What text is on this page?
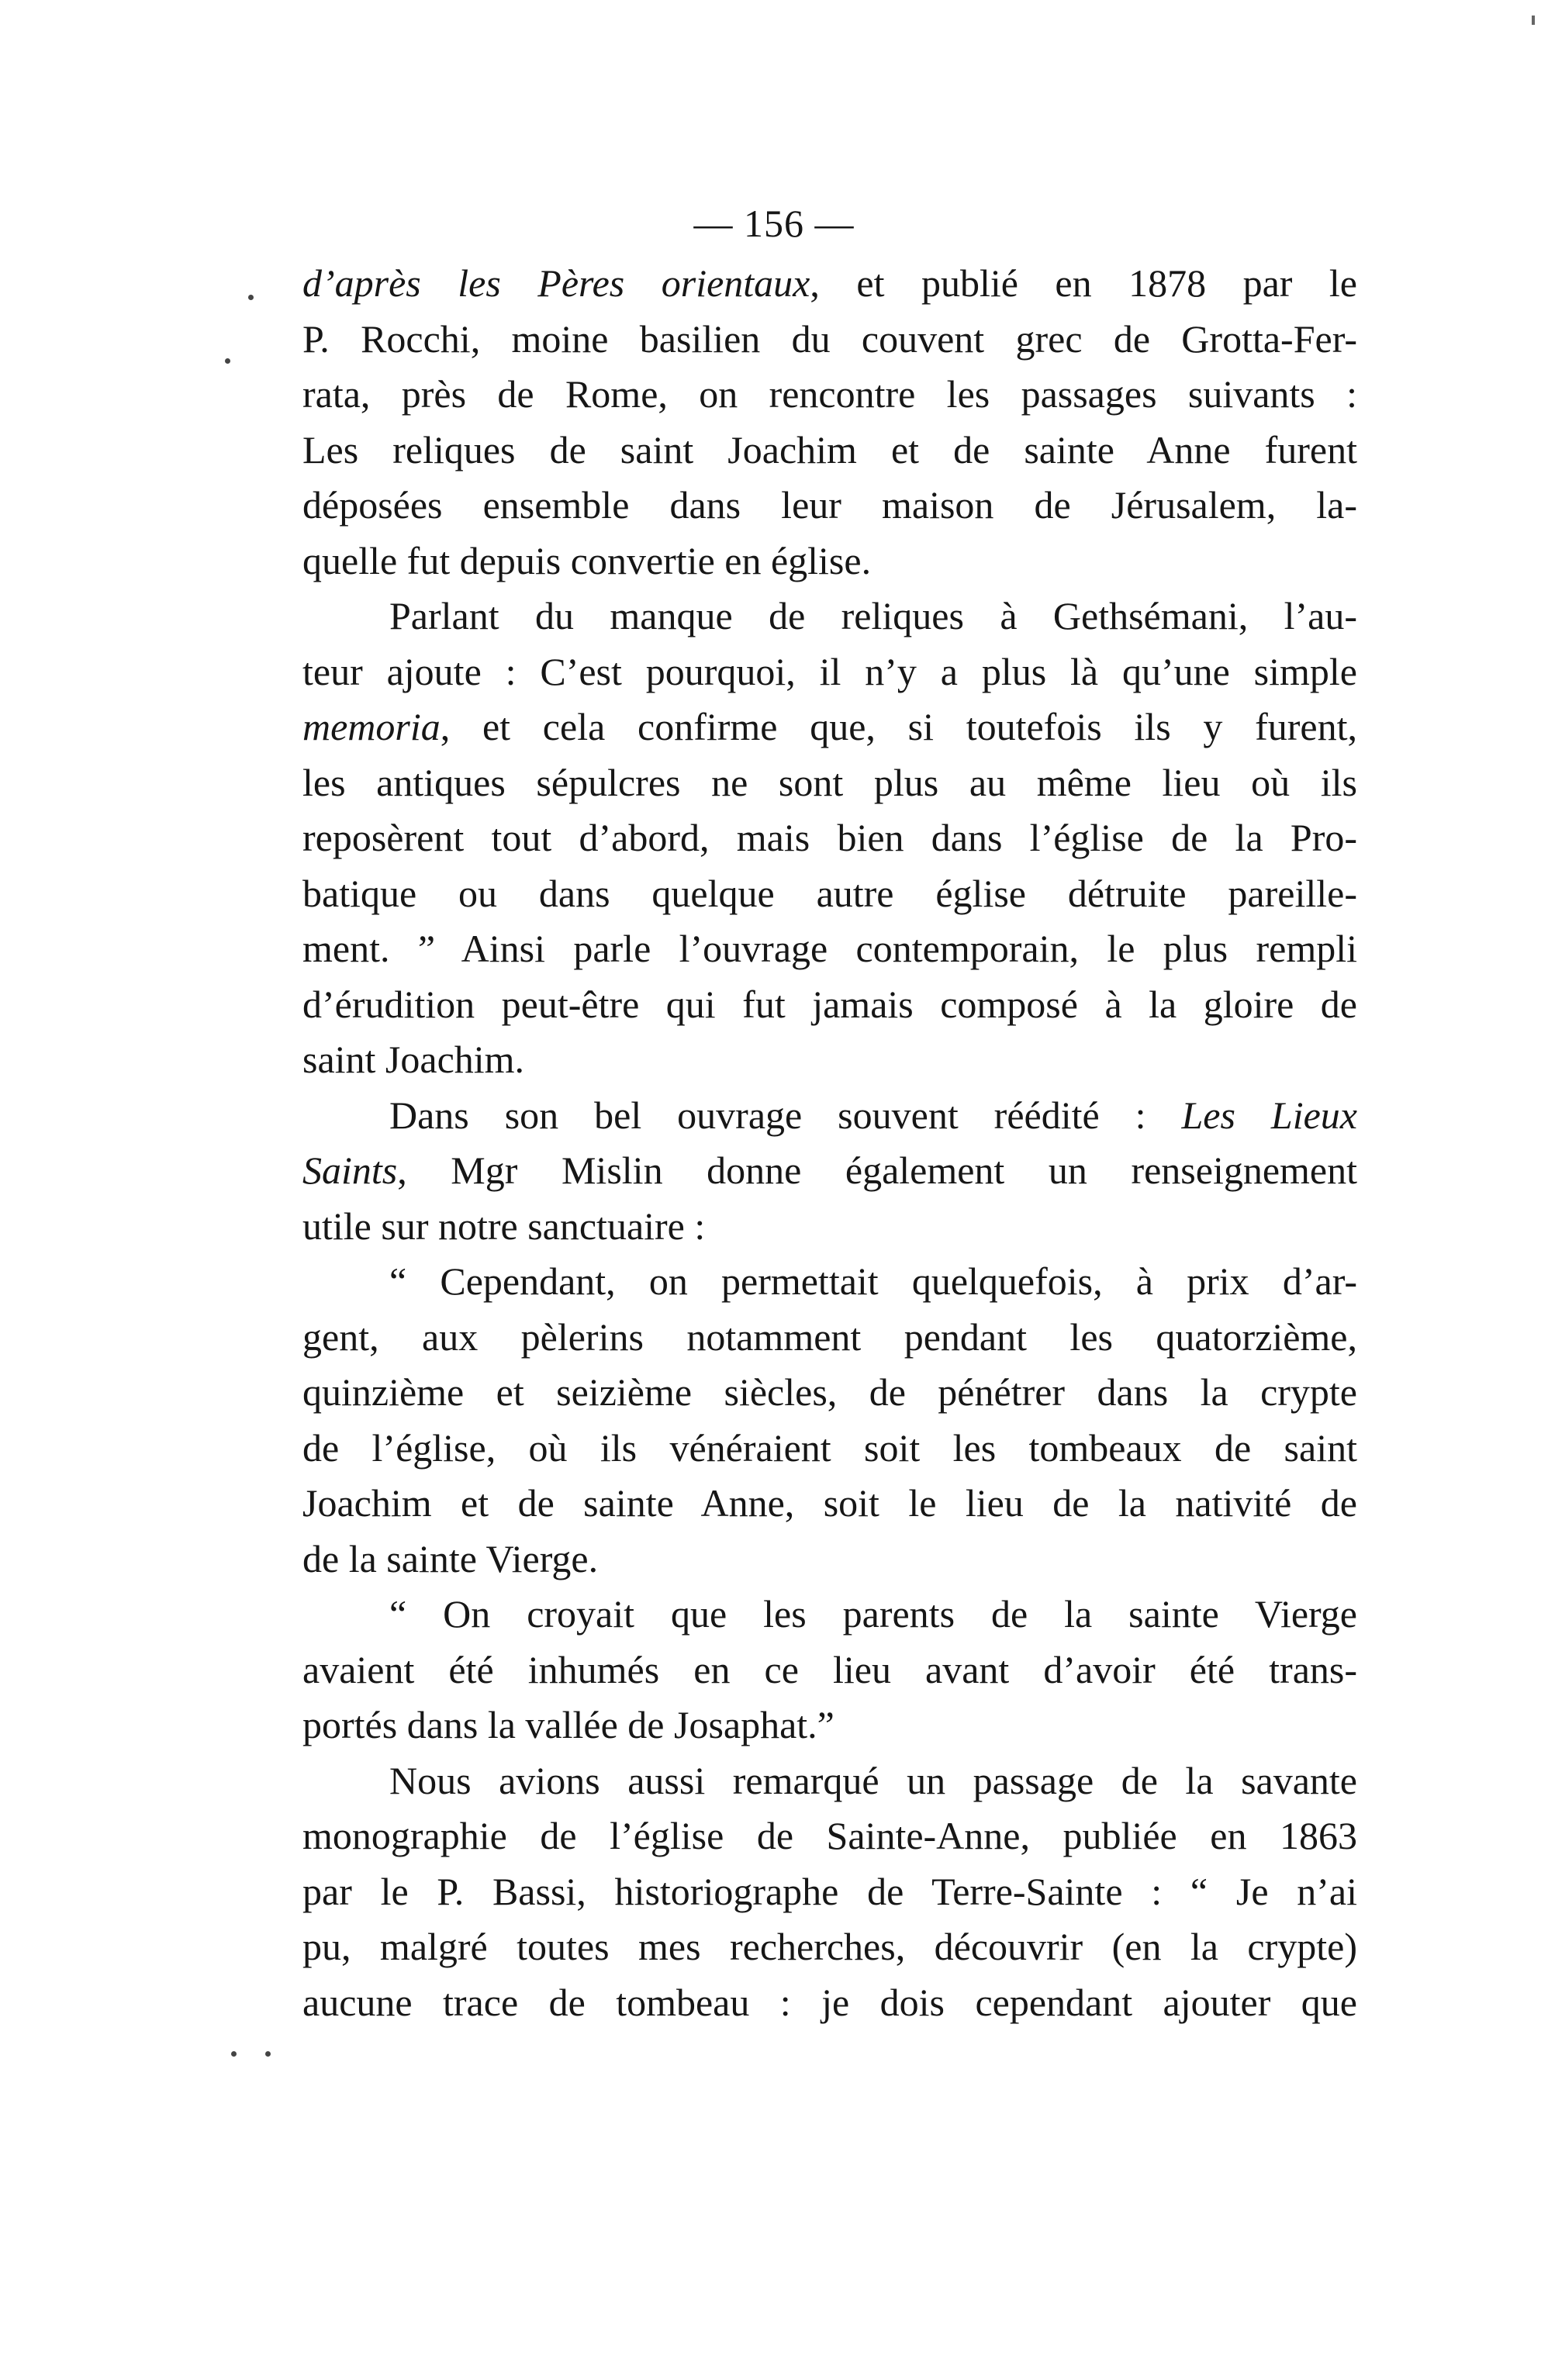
— 156 —
d’après les Pères orientaux, et publié en 1878 par le
P. Rocchi, moine basilien du couvent grec de Grotta-Fer-
rata, près de Rome, on rencontre les passages suivants :
Les reliques de saint Joachim et de sainte Anne furent
déposées ensemble dans leur maison de Jérusalem, la-
quelle fut depuis convertie en église.
Parlant du manque de reliques à Gethsémani, l’au-
teur ajoute : C’est pourquoi, il n’y a plus là qu’une simple
memoria, et cela confirme que, si toutefois ils y furent,
les antiques sépulcres ne sont plus au même lieu où ils
reposèrent tout d’abord, mais bien dans l’église de la Pro-
batique ou dans quelque autre église détruite pareille-
ment. ” Ainsi parle l’ouvrage contemporain, le plus rempli
d’érudition peut-être qui fut jamais composé à la gloire de
saint Joachim.
Dans son bel ouvrage souvent réédité : Les Lieux
Saints, Mgr Mislin donne également un renseignement
utile sur notre sanctuaire :
“ Cependant, on permettait quelquefois, à prix d’ar-
gent, aux pèlerins notamment pendant les quatorzième,
quinzième et seizième siècles, de pénétrer dans la crypte
de l’église, où ils vénéraient soit les tombeaux de saint
Joachim et de sainte Anne, soit le lieu de la nativité de
de la sainte Vierge.
“ On croyait que les parents de la sainte Vierge
avaient été inhumés en ce lieu avant d’avoir été trans-
portés dans la vallée de Josaphat.”
Nous avions aussi remarqué un passage de la savante
monographie de l’église de Sainte-Anne, publiée en 1863
par le P. Bassi, historiographe de Terre-Sainte : “ Je n’ai
pu, malgré toutes mes recherches, découvrir (en la crypte)
aucune trace de tombeau : je dois cependant ajouter que
